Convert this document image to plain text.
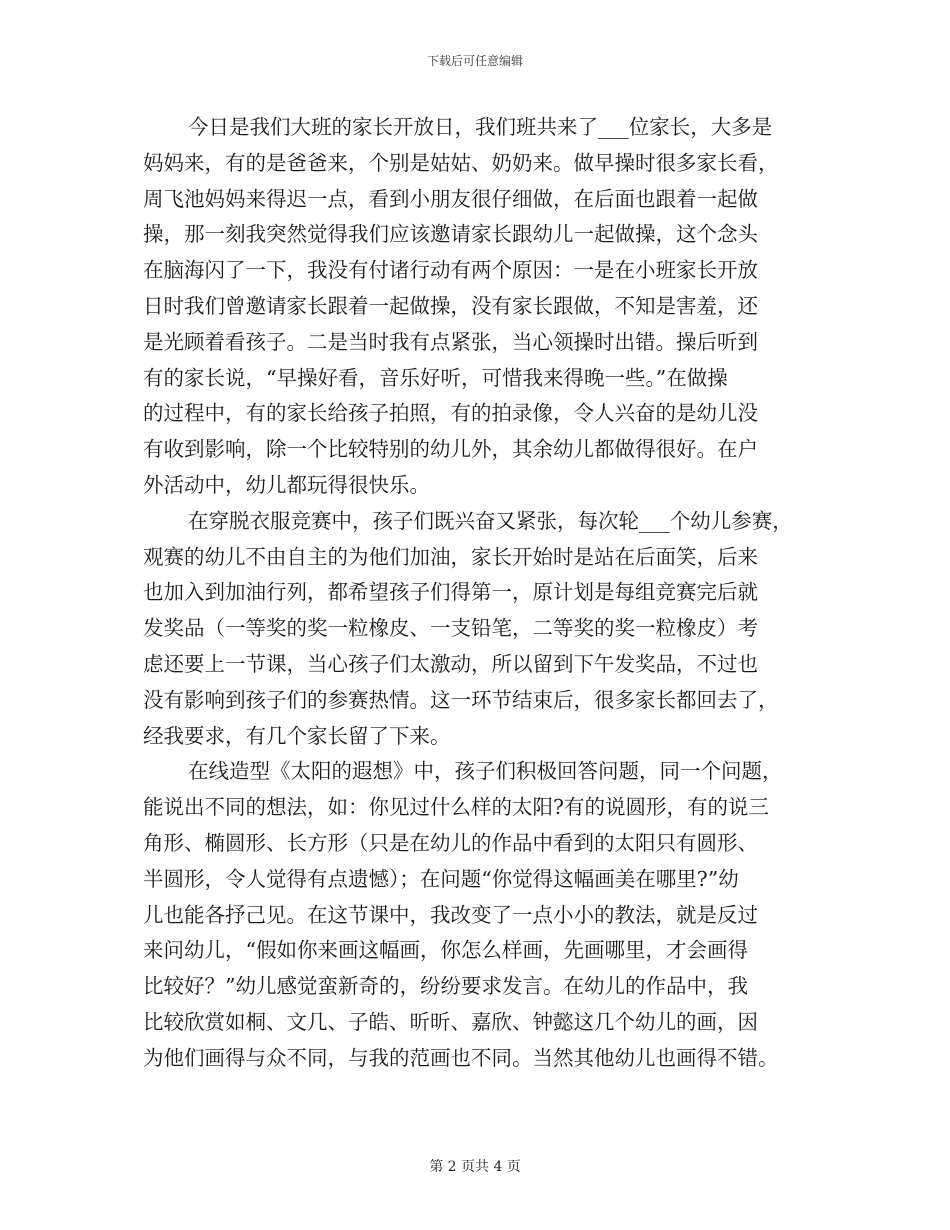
下载后可任意编辑
今日是我们大班的家长开放日，我们班共来了___位家长，大多是
妈妈来，有的是爸爸来，个别是姑姑、奶奶来。做早操时很多家长看，
周飞池妈妈来得迟一点，看到小朋友很仔细做，在后面也跟着一起做
操，那一刻我突然觉得我们应该邀请家长跟幼儿一起做操，这个念头
在脑海闪了一下，我没有付诸行动有两个原因：一是在小班家长开放
日时我们曾邀请家长跟着一起做操，没有家长跟做，不知是害羞，还
是光顾着看孩子。二是当时我有点紧张，当心领操时出错。操后听到
有的家长说，“早操好看，音乐好听，可惜我来得晚一些。”在做操
的过程中，有的家长给孩子拍照，有的拍录像，令人兴奋的是幼儿没
有收到影响，除一个比较特别的幼儿外，其余幼儿都做得很好。在户
外活动中，幼儿都玩得很快乐。
在穿脱衣服竞赛中，孩子们既兴奋又紧张，每次轮___个幼儿参赛，
观赛的幼儿不由自主的为他们加油，家长开始时是站在后面笑，后来
也加入到加油行列，都希望孩子们得第一，原计划是每组竞赛完后就
发奖品（一等奖的奖一粒橡皮、一支铅笔，二等奖的奖一粒橡皮）考
虑还要上一节课，当心孩子们太激动，所以留到下午发奖品，不过也
没有影响到孩子们的参赛热情。这一环节结束后，很多家长都回去了，
经我要求，有几个家长留了下来。
在线造型《太阳的遐想》中，孩子们积极回答问题，同一个问题，
能说出不同的想法，如：你见过什么样的太阳?有的说圆形，有的说三
角形、椭圆形、长方形（只是在幼儿的作品中看到的太阳只有圆形、
半圆形，令人觉得有点遗憾）；在问题“你觉得这幅画美在哪里?”幼
儿也能各抒己见。在这节课中，我改变了一点小小的教法，就是反过
来问幼儿，“假如你来画这幅画，你怎么样画，先画哪里，才会画得
比较好？”幼儿感觉蛮新奇的，纷纷要求发言。在幼儿的作品中，我
比较欣赏如桐、文几、子皓、昕昕、嘉欣、钟懿这几个幼儿的画，因
为他们画得与众不同，与我的范画也不同。当然其他幼儿也画得不错。
第 2 页共 4 页
